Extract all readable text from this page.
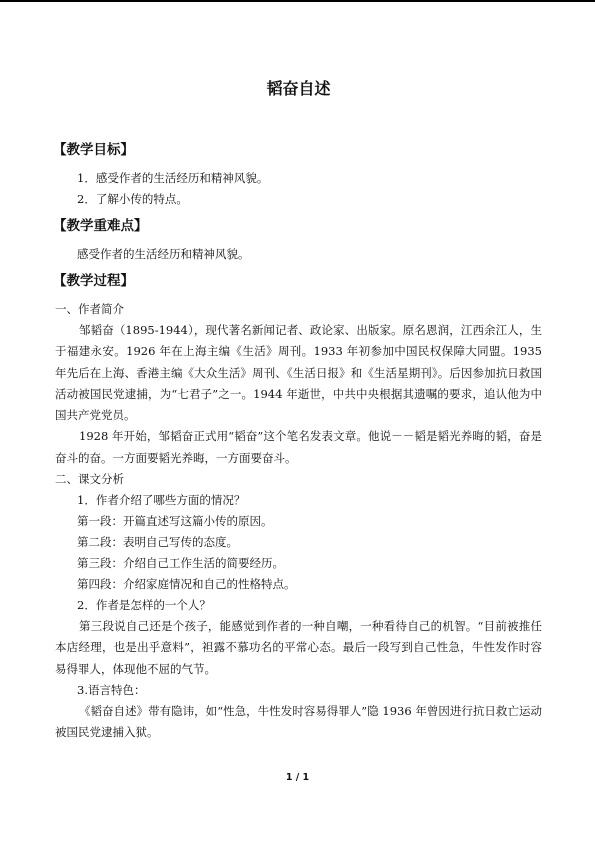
韬奋自述
【教学目标】

1．感受作者的生活经历和精神风貌。

2．了解小传的特点。

【教学重难点】

感受作者的生活经历和精神风貌。

【教学过程】

一、作者简介

邹韬奋（1895-1944），现代著名新闻记者、政论家、出版家。原名恩润，江西余江人，生于福建永安。1926 年在上海主编《生活》周刊。1933 年初参加中国民权保障大同盟。1935 年先后在上海、香港主编《大众生活》周刊、《生活日报》和《生活星期刊》。后因参加抗日救国活动被国民党逮捕，为“七君子”之一。1944 年逝世，中共中央根据其遗嘱的要求，追认他为中国共产党党员。

1928 年开始，邹韬奋正式用“韬奋”这个笔名发表文章。他说－－韬是韬光养晦的韬，奋是奋斗的奋。一方面要韬光养晦，一方面要奋斗。

二、课文分析

1．作者介绍了哪些方面的情况？

第一段：开篇直述写这篇小传的原因。

第二段：表明自己写传的态度。

第三段：介绍自己工作生活的简要经历。

第四段：介绍家庭情况和自己的性格特点。

2．作者是怎样的一个人？

第三段说自己还是个孩子，能感觉到作者的一种自嘲，一种看待自己的机智。“目前被推任本店经理，也是出乎意料”，袒露不慕功名的平常心态。最后一段写到自己性急，牛性发作时容易得罪人，体现他不屈的气节。

3.语言特色：

《韬奋自述》带有隐讳，如“性急，牛性发时容易得罪人”隐 1936 年曾因进行抗日救亡运动被国民党逮捕入狱。

1 / 1
